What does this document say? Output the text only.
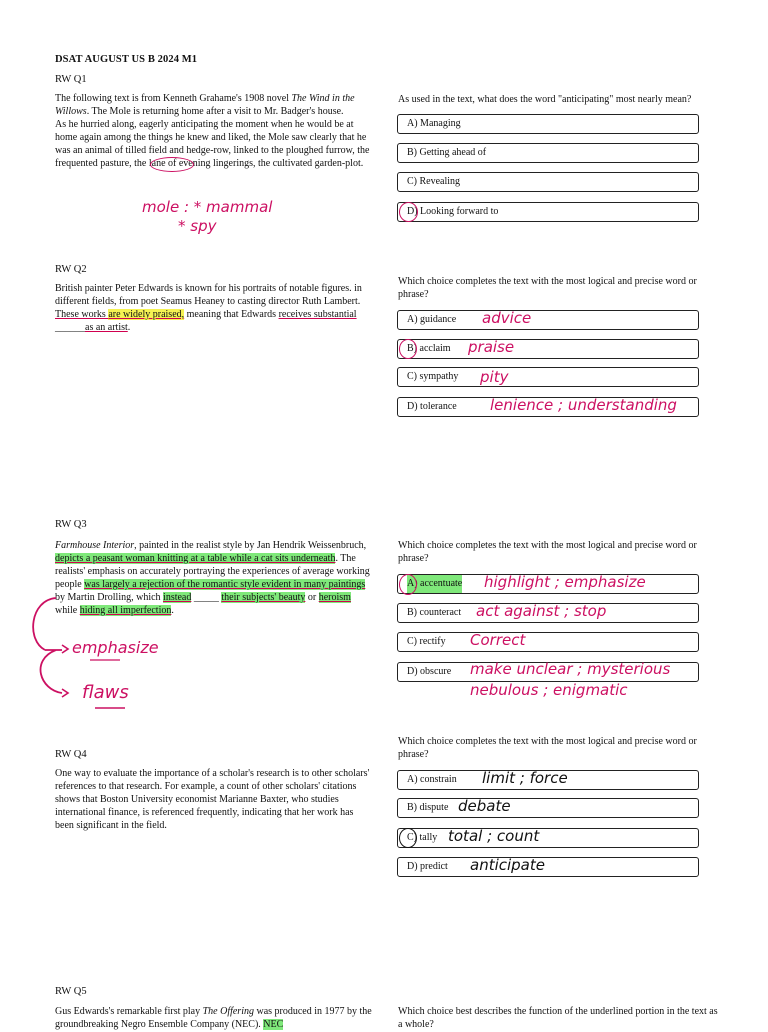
DSAT AUGUST US B 2024 M1
RW Q1

The following text is from Kenneth Grahame's 1908 novel The Wind in the Willows. The Mole is returning home after a visit to Mr. Badger's house.

As he hurried along, eagerly anticipating the moment when he would be at home again among the things he knew and liked, the Mole saw clearly that he was an animal of tilled field and hedge-row, linked to the ploughed furrow, the frequented pasture, the lane of evening lingerings, the cultivated garden-plot.

As used in the text, what does the word "anticipating" most nearly mean?
A) Managing
B) Getting ahead of
C) Revealing
D) Looking forward to
mole : * mammal
* spy
RW Q2
British painter Peter Edwards is known for his portraits of notable figures. in different fields, from poet Seamus Heaney to casting director Ruth Lambert. These works are widely praised, meaning that Edwards receives substantial ______as an artist.
Which choice completes the text with the most logical and precise word or phrase?
A) guidance
B) acclaim
C) sympathy
D) tolerance
advice
praise
pity
lenience ; understanding
RW Q3
Farmhouse Interior, painted in the realist style by Jan Hendrik Weissenbruch, depicts a peasant woman knitting at a table while a cat sits underneath. The realists' emphasis on accurately portraying the experiences of average working people was largely a rejection of the romantic style evident in many paintings by Martin Drolling, which instead _____ their subjects' beauty or heroism while hiding all imperfection.
Which choice completes the text with the most logical and precise word or phrase?
A) accentuate
B) counteract
C) rectify
D) obscure
highlight ; emphasize
act against ; stop
Correct
make unclear ; mysterious
nebulous ; enigmatic
emphasize
flaws
RW Q4
One way to evaluate the importance of a scholar's research is to other scholars' references to that research. For example, a count of other scholars' citations shows that Boston University economist Marianne Baxter, who studies international finance, is referenced frequently, indicating that her work has been significant in the field.
Which choice completes the text with the most logical and precise word or phrase?
A) constrain
B) dispute
C) tally
D) predict
limit ; force
debate
total ; count
anticipate
RW Q5
Gus Edwards's remarkable first play The Offering was produced in 1977 by the groundbreaking Negro Ensemble Company (NEC). NEC
Which choice best describes the function of the underlined portion in the text as a whole?
